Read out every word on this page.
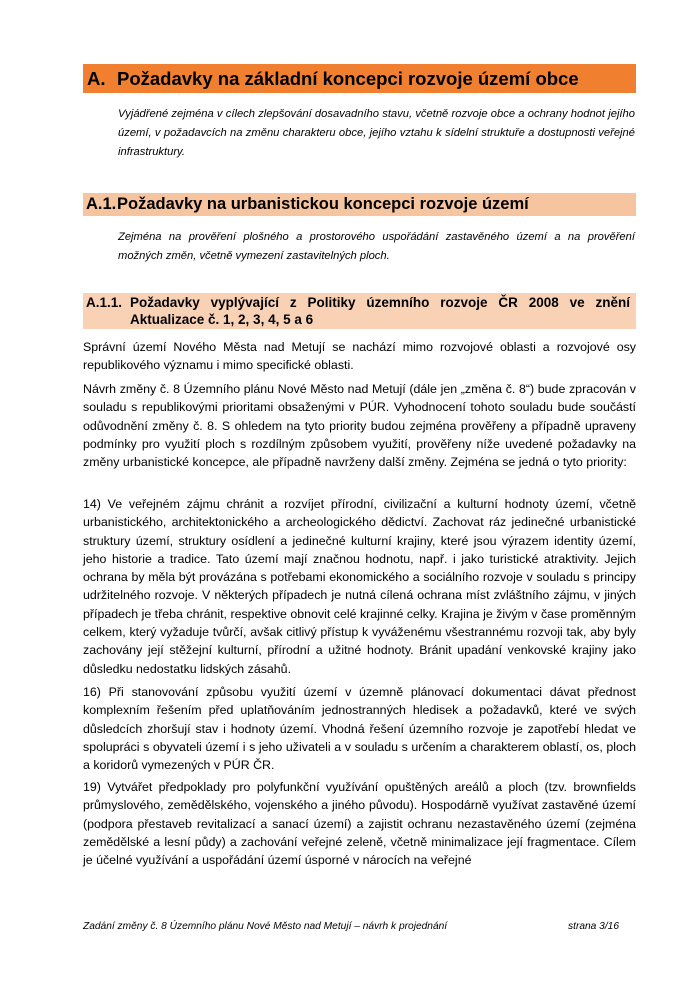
A. Požadavky na základní koncepci rozvoje území obce
Vyjádřené zejména v cílech zlepšování dosavadního stavu, včetně rozvoje obce a ochrany hodnot jejího území, v požadavcích na změnu charakteru obce, jejího vztahu k sídelní struktuře a dostupnosti veřejné infrastruktury.
A.1. Požadavky na urbanistickou koncepci rozvoje území
Zejména na prověření plošného a prostorového uspořádání zastavěného území a na prověření možných změn, včetně vymezení zastavitelných ploch.
A.1.1. Požadavky vyplývající z Politiky územního rozvoje ČR 2008 ve znění Aktualizace č. 1, 2, 3, 4, 5 a 6
Správní území Nového Města nad Metují se nachází mimo rozvojové oblasti a rozvojové osy republikového významu i mimo specifické oblasti.
Návrh změny č. 8 Územního plánu Nové Město nad Metují (dále jen „změna č. 8“) bude zpracován v souladu s republikovými prioritami obsaženými v PÚR. Vyhodnocení tohoto souladu bude součástí odůvodnění změny č. 8. S ohledem na tyto priority budou zejména prověřeny a případně upraveny podmínky pro využití ploch s rozdílným způsobem využití, prověřeny níže uvedené požadavky na změny urbanistické koncepce, ale případně navrženy další změny. Zejména se jedná o tyto priority:
14) Ve veřejném zájmu chránit a rozvíjet přírodní, civilizační a kulturní hodnoty území, včetně urbanistického, architektonického a archeologického dědictví. Zachovat ráz jedinečné urbanistické struktury území, struktury osídlení a jedinečné kulturní krajiny, které jsou výrazem identity území, jeho historie a tradice. Tato území mají značnou hodnotu, např. i jako turistické atraktivity. Jejich ochrana by měla být provázána s potřebami ekonomického a sociálního rozvoje v souladu s principy udržitelného rozvoje. V některých případech je nutná cílená ochrana míst zvláštního zájmu, v jiných případech je třeba chránit, respektive obnovit celé krajinné celky. Krajina je živým v čase proměnným celkem, který vyžaduje tvůrčí, avšak citlivý přístup k vyváženému všestrannému rozvoji tak, aby byly zachovány její stěžejní kulturní, přírodní a užitné hodnoty. Bránit upadání venkovské krajiny jako důsledku nedostatku lidských zásahů.
16) Při stanovování způsobu využití území v územně plánovací dokumentaci dávat přednost komplexním řešením před uplatňováním jednostranných hledisek a požadavků, které ve svých důsledcích zhoršují stav i hodnoty území. Vhodná řešení územního rozvoje je zapotřebí hledat ve spolupráci s obyvateli území i s jeho uživateli a v souladu s určením a charakterem oblastí, os, ploch a koridorů vymezených v PÚR ČR.
19) Vytvářet předpoklady pro polyfunkční využívání opuštěných areálů a ploch (tzv. brownfields průmyslového, zemědělského, vojenského a jiného původu). Hospodárně využívat zastavěné území (podpora přestaveb revitalizací a sanací území) a zajistit ochranu nezastavěného území (zejména zemědělské a lesní půdy) a zachování veřejné zeleně, včetně minimalizace její fragmentace. Cílem je účelné využívání a uspořádání území úsporné v nárocích na veřejné
Zadání změny č. 8 Územního plánu Nové Město nad Metují – návrh k projednání	strana 3/16
